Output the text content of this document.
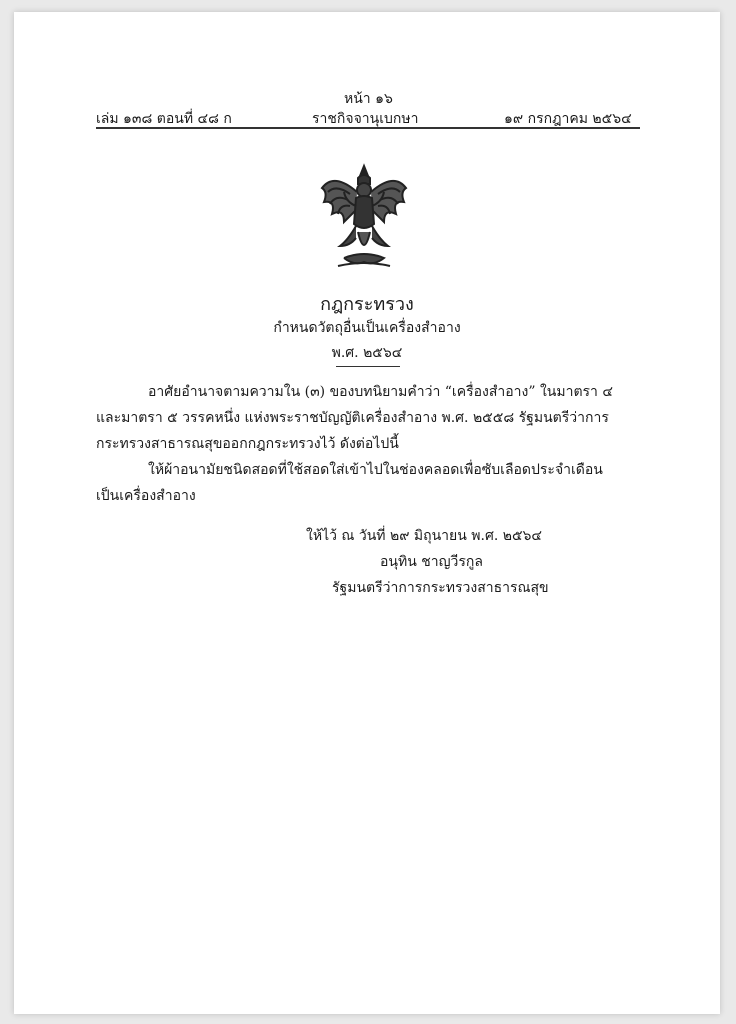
หน้า ๑๖
เล่ม ๑๓๘ ตอนที่ ๔๘ ก	ราชกิจจานุเบกษา	๑๙ กรกฎาคม ๒๕๖๔
กฎกระทรวง
กำหนดวัตถุอื่นเป็นเครื่องสำอาง
พ.ศ. ๒๕๖๔
อาศัยอำนาจตามความใน (๓) ของบทนิยามคำว่า “เครื่องสำอาง” ในมาตรา ๔
และมาตรา ๕ วรรคหนึ่ง แห่งพระราชบัญญัติเครื่องสำอาง พ.ศ. ๒๕๕๘ รัฐมนตรีว่าการ
กระทรวงสาธารณสุขออกกฎกระทรวงไว้ ดังต่อไปนี้
ให้ผ้าอนามัยชนิดสอดที่ใช้สอดใส่เข้าไปในช่องคลอดเพื่อซับเลือดประจำเดือน
เป็นเครื่องสำอาง
ให้ไว้ ณ วันที่ ๒๙ มิถุนายน พ.ศ. ๒๕๖๔
อนุทิน ชาญวีรกูล
รัฐมนตรีว่าการกระทรวงสาธารณสุข
